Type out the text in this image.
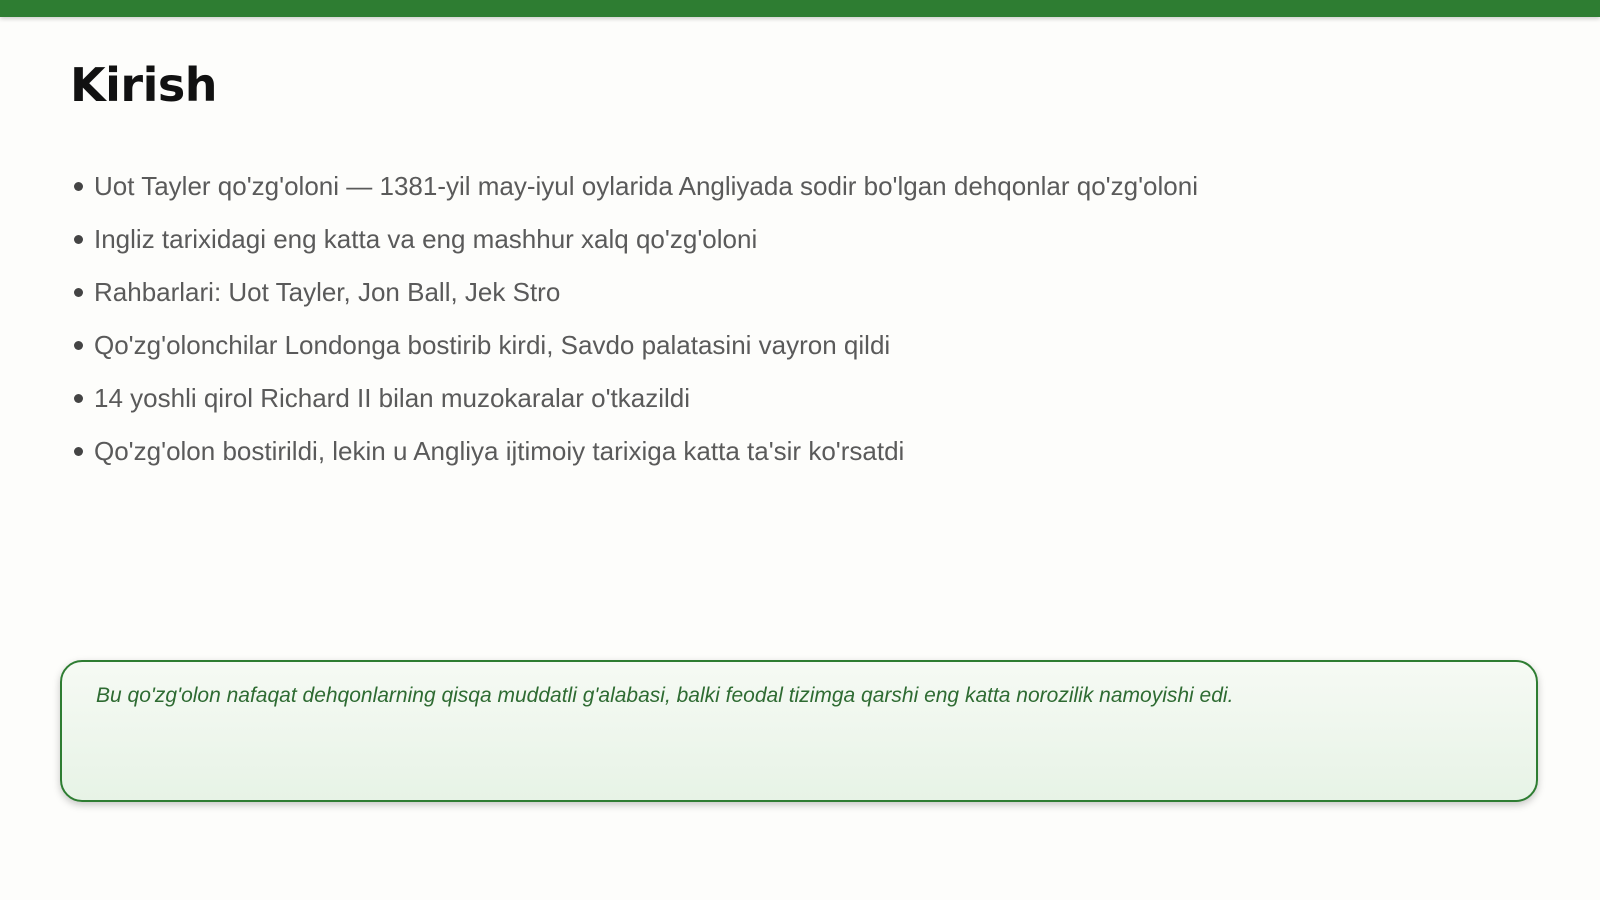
Kirish
Uot Tayler qo'zg'oloni — 1381-yil may-iyul oylarida Angliyada sodir bo'lgan dehqonlar qo'zg'oloni
Ingliz tarixidagi eng katta va eng mashhur xalq qo'zg'oloni
Rahbarlari: Uot Tayler, Jon Ball, Jek Stro
Qo'zg'olonchilar Londonga bostirib kirdi, Savdo palatasini vayron qildi
14 yoshli qirol Richard II bilan muzokaralar o'tkazildi
Qo'zg'olon bostirildi, lekin u Angliya ijtimoiy tarixiga katta ta'sir ko'rsatdi

Bu qo'zg'olon nafaqat dehqonlarning qisqa muddatli g'alabasi, balki feodal tizimga qarshi eng katta norozilik namoyishi edi.
